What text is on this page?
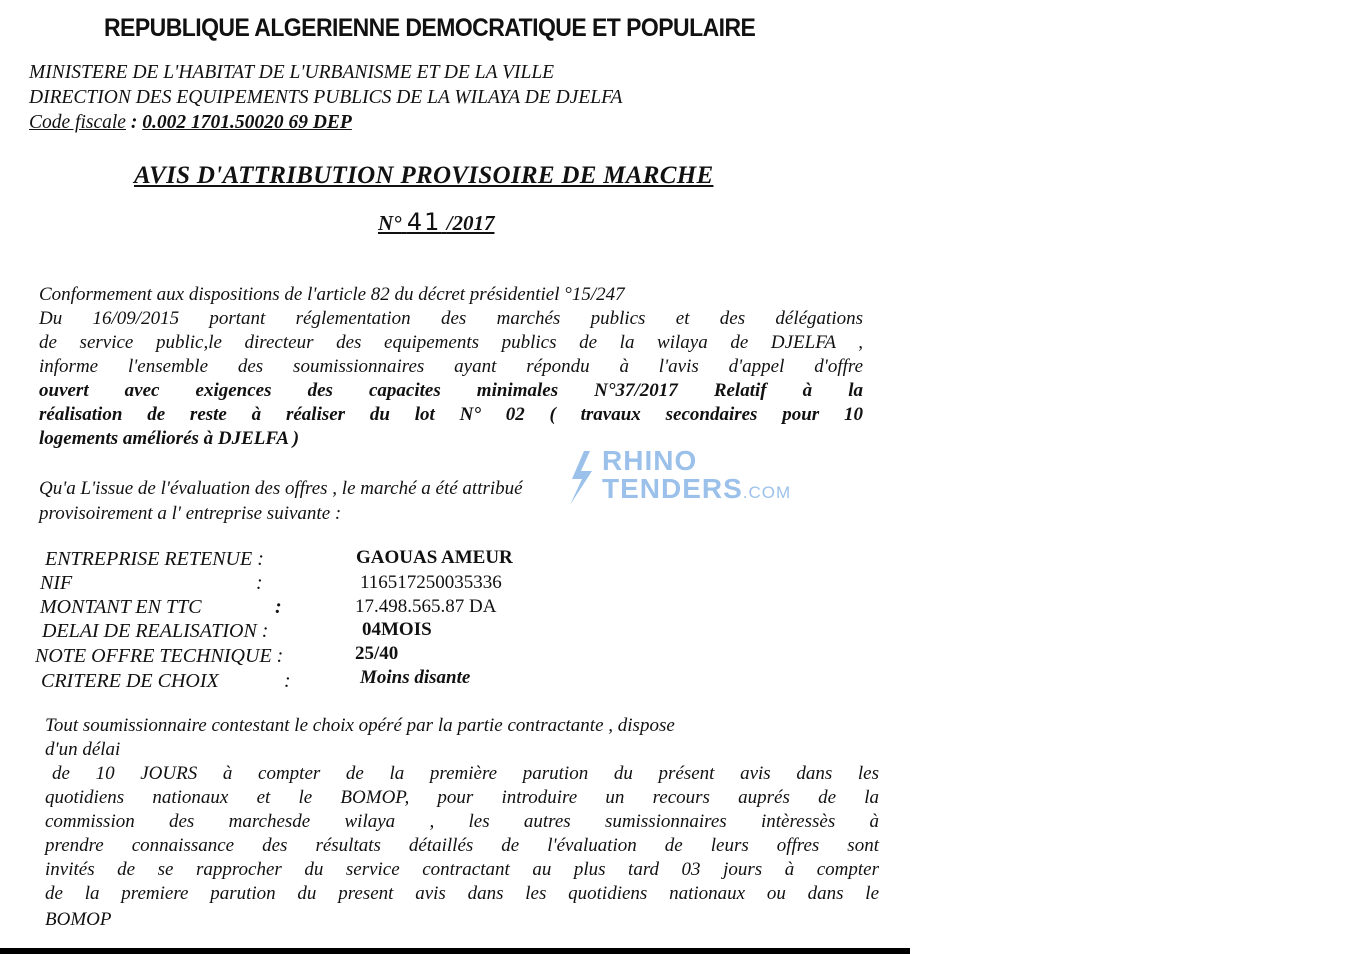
REPUBLIQUE ALGERIENNE DEMOCRATIQUE ET POPULAIRE
MINISTERE DE L'HABITAT DE L'URBANISME ET DE LA VILLE
DIRECTION DES EQUIPEMENTS PUBLICS DE LA WILAYA DE DJELFA
Code fiscale : 0.002 1701.50020 69 DEP
AVIS D'ATTRIBUTION PROVISOIRE DE MARCHE
N° 41 /2017
Conformement aux dispositions de l'article 82 du décret présidentiel °15/247
Du 16/09/2015 portant réglementation des marchés publics et des délégations
de service public,le directeur des equipements publics de la wilaya de DJELFA ,
informe l'ensemble des soumissionnaires ayant répondu à l'avis d'appel d'offre
ouvert avec exigences des capacites minimales N°37/2017 Relatif à la
réalisation de reste à réaliser du lot N° 02 ( travaux secondaires pour 10
logements améliorés à DJELFA )
Qu'a L'issue de l'évaluation des offres , le marché a été attribué
provisoirement a l' entreprise suivante :
ENTREPRISE RETENUE :	GAOUAS AMEUR
NIF	:	116517250035336
MONTANT EN TTC	:	17.498.565.87 DA
DELAI DE REALISATION :	04MOIS
NOTE OFFRE TECHNIQUE :	25/40
CRITERE DE CHOIX	:	Moins disante
Tout soumissionnaire contestant le choix opéré par la partie contractante , dispose
d'un délai
de 10 JOURS à compter de la première parution du présent avis dans les
quotidiens nationaux et le BOMOP, pour introduire un recours auprés de la
commission des marchesde wilaya , les autres sumissionnaires intèressès à
prendre connaissance des résultats détaillés de l'évaluation de leurs offres sont
invités de se rapprocher du service contractant au plus tard 03 jours à compter
de la premiere parution du present avis dans les quotidiens nationaux ou dans le
BOMOP
RHINO
TENDERS.COM
